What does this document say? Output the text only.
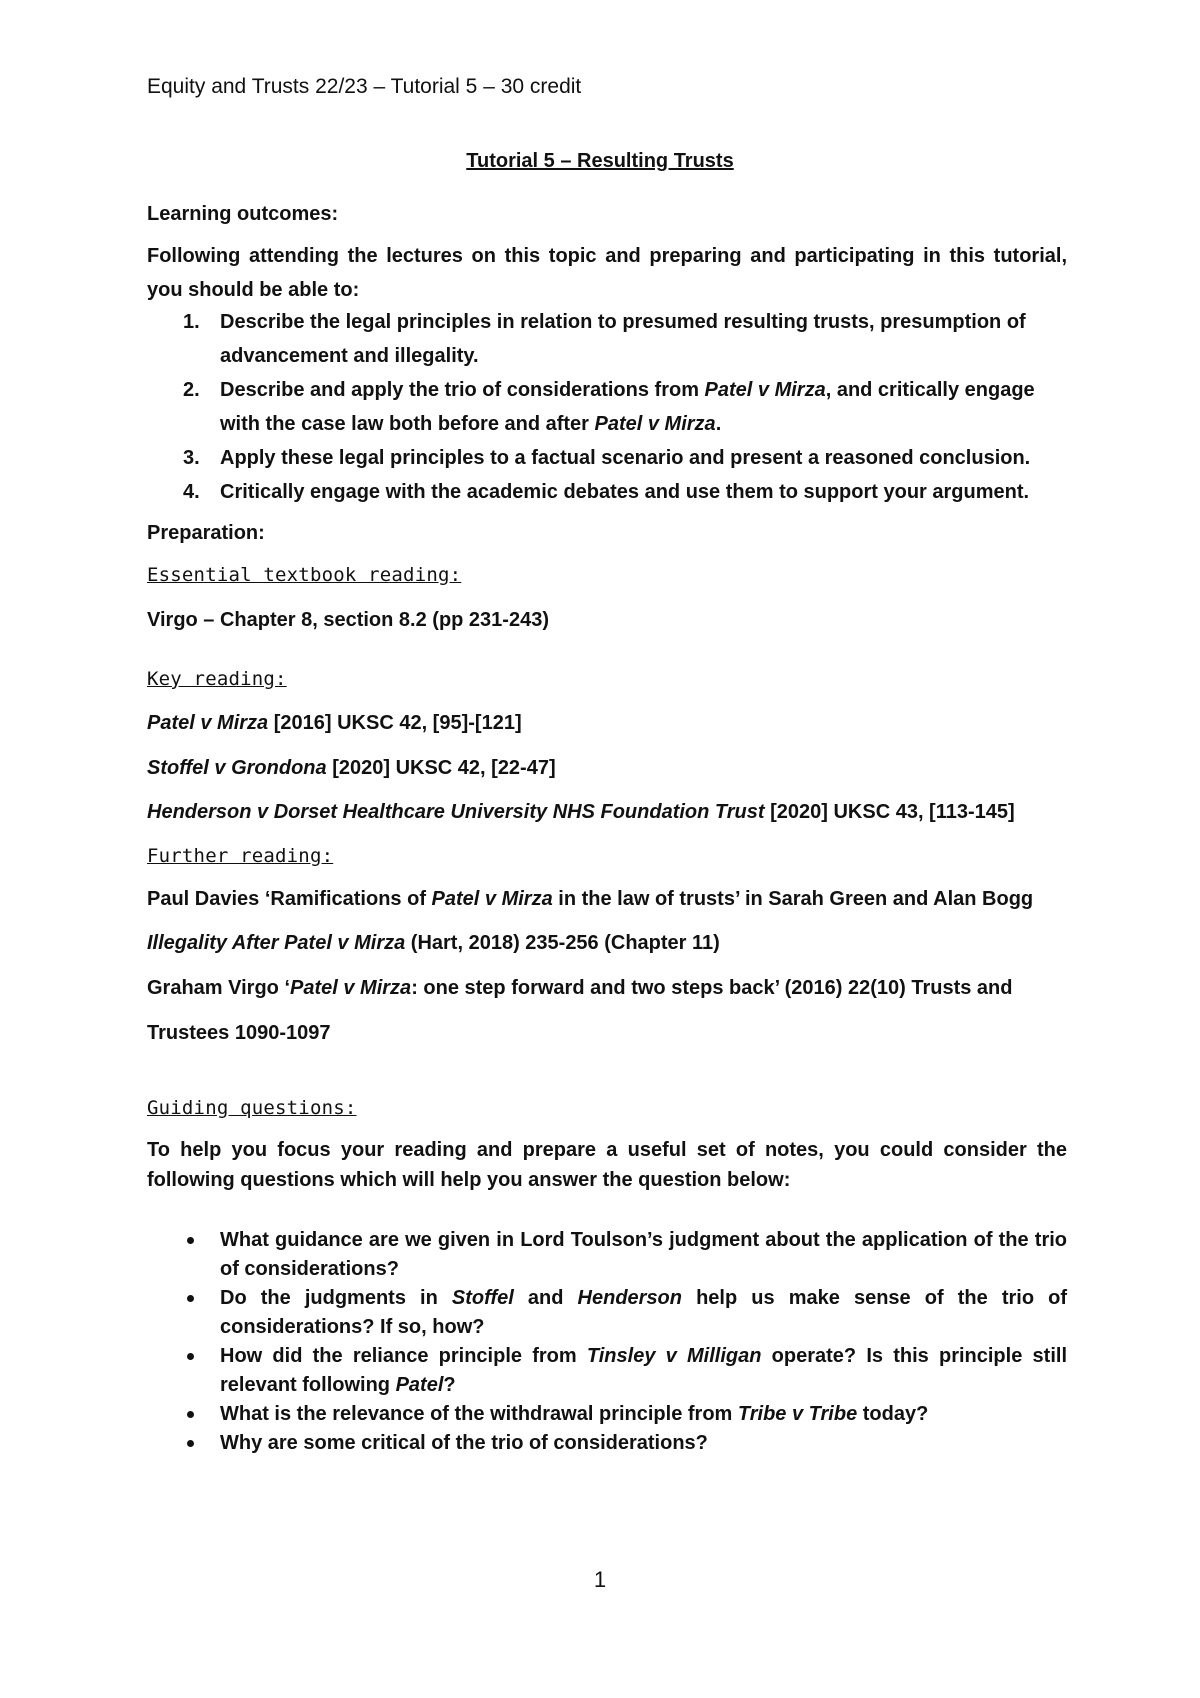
Equity and Trusts 22/23 – Tutorial 5 – 30 credit
Tutorial 5 – Resulting Trusts
Learning outcomes:
Following attending the lectures on this topic and preparing and participating in this tutorial, you should be able to:
1. Describe the legal principles in relation to presumed resulting trusts, presumption of advancement and illegality.
2. Describe and apply the trio of considerations from Patel v Mirza, and critically engage with the case law both before and after Patel v Mirza.
3. Apply these legal principles to a factual scenario and present a reasoned conclusion.
4. Critically engage with the academic debates and use them to support your argument.
Preparation:
Essential textbook reading:
Virgo – Chapter 8, section 8.2 (pp 231-243)
Key reading:
Patel v Mirza [2016] UKSC 42, [95]-[121]
Stoffel v Grondona [2020] UKSC 42, [22-47]
Henderson v Dorset Healthcare University NHS Foundation Trust [2020] UKSC 43, [113-145]
Further reading:
Paul Davies ‘Ramifications of Patel v Mirza in the law of trusts’ in Sarah Green and Alan Bogg
Illegality After Patel v Mirza (Hart, 2018) 235-256 (Chapter 11)
Graham Virgo ‘Patel v Mirza: one step forward and two steps back’ (2016) 22(10) Trusts and
Trustees 1090-1097
Guiding questions:
To help you focus your reading and prepare a useful set of notes, you could consider the following questions which will help you answer the question below:
What guidance are we given in Lord Toulson’s judgment about the application of the trio of considerations?
Do the judgments in Stoffel and Henderson help us make sense of the trio of considerations? If so, how?
How did the reliance principle from Tinsley v Milligan operate? Is this principle still relevant following Patel?
What is the relevance of the withdrawal principle from Tribe v Tribe today?
Why are some critical of the trio of considerations?
1
